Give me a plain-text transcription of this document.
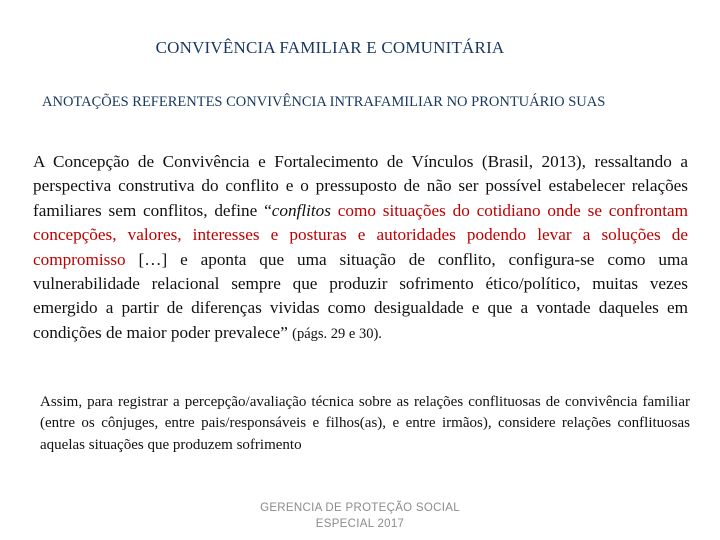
CONVIVÊNCIA FAMILIAR E COMUNITÁRIA
ANOTAÇÕES REFERENTES CONVIVÊNCIA INTRAFAMILIAR NO PRONTUÁRIO SUAS

A Concepção de Convivência e Fortalecimento de Vínculos (Brasil, 2013), ressaltando a perspectiva construtiva do conflito e o pressuposto de não ser possível estabelecer relações familiares sem conflitos, define “conflitos como situações do cotidiano onde se confrontam concepções, valores, interesses e posturas e autoridades podendo levar a soluções de compromisso […] e aponta que uma situação de conflito, configura-se como uma vulnerabilidade relacional sempre que produzir sofrimento ético/político, muitas vezes emergido a partir de diferenças vividas como desigualdade e que a vontade daqueles em condições de maior poder prevalece” (págs. 29 e 30).

Assim, para registrar a percepção/avaliação técnica sobre as relações conflituosas de convivência familiar (entre os cônjuges, entre pais/responsáveis e filhos(as), e entre irmãos), considere relações conflituosas aquelas situações que produzem sofrimento

GERENCIA DE PROTEÇÃO SOCIAL
ESPECIAL 2017
